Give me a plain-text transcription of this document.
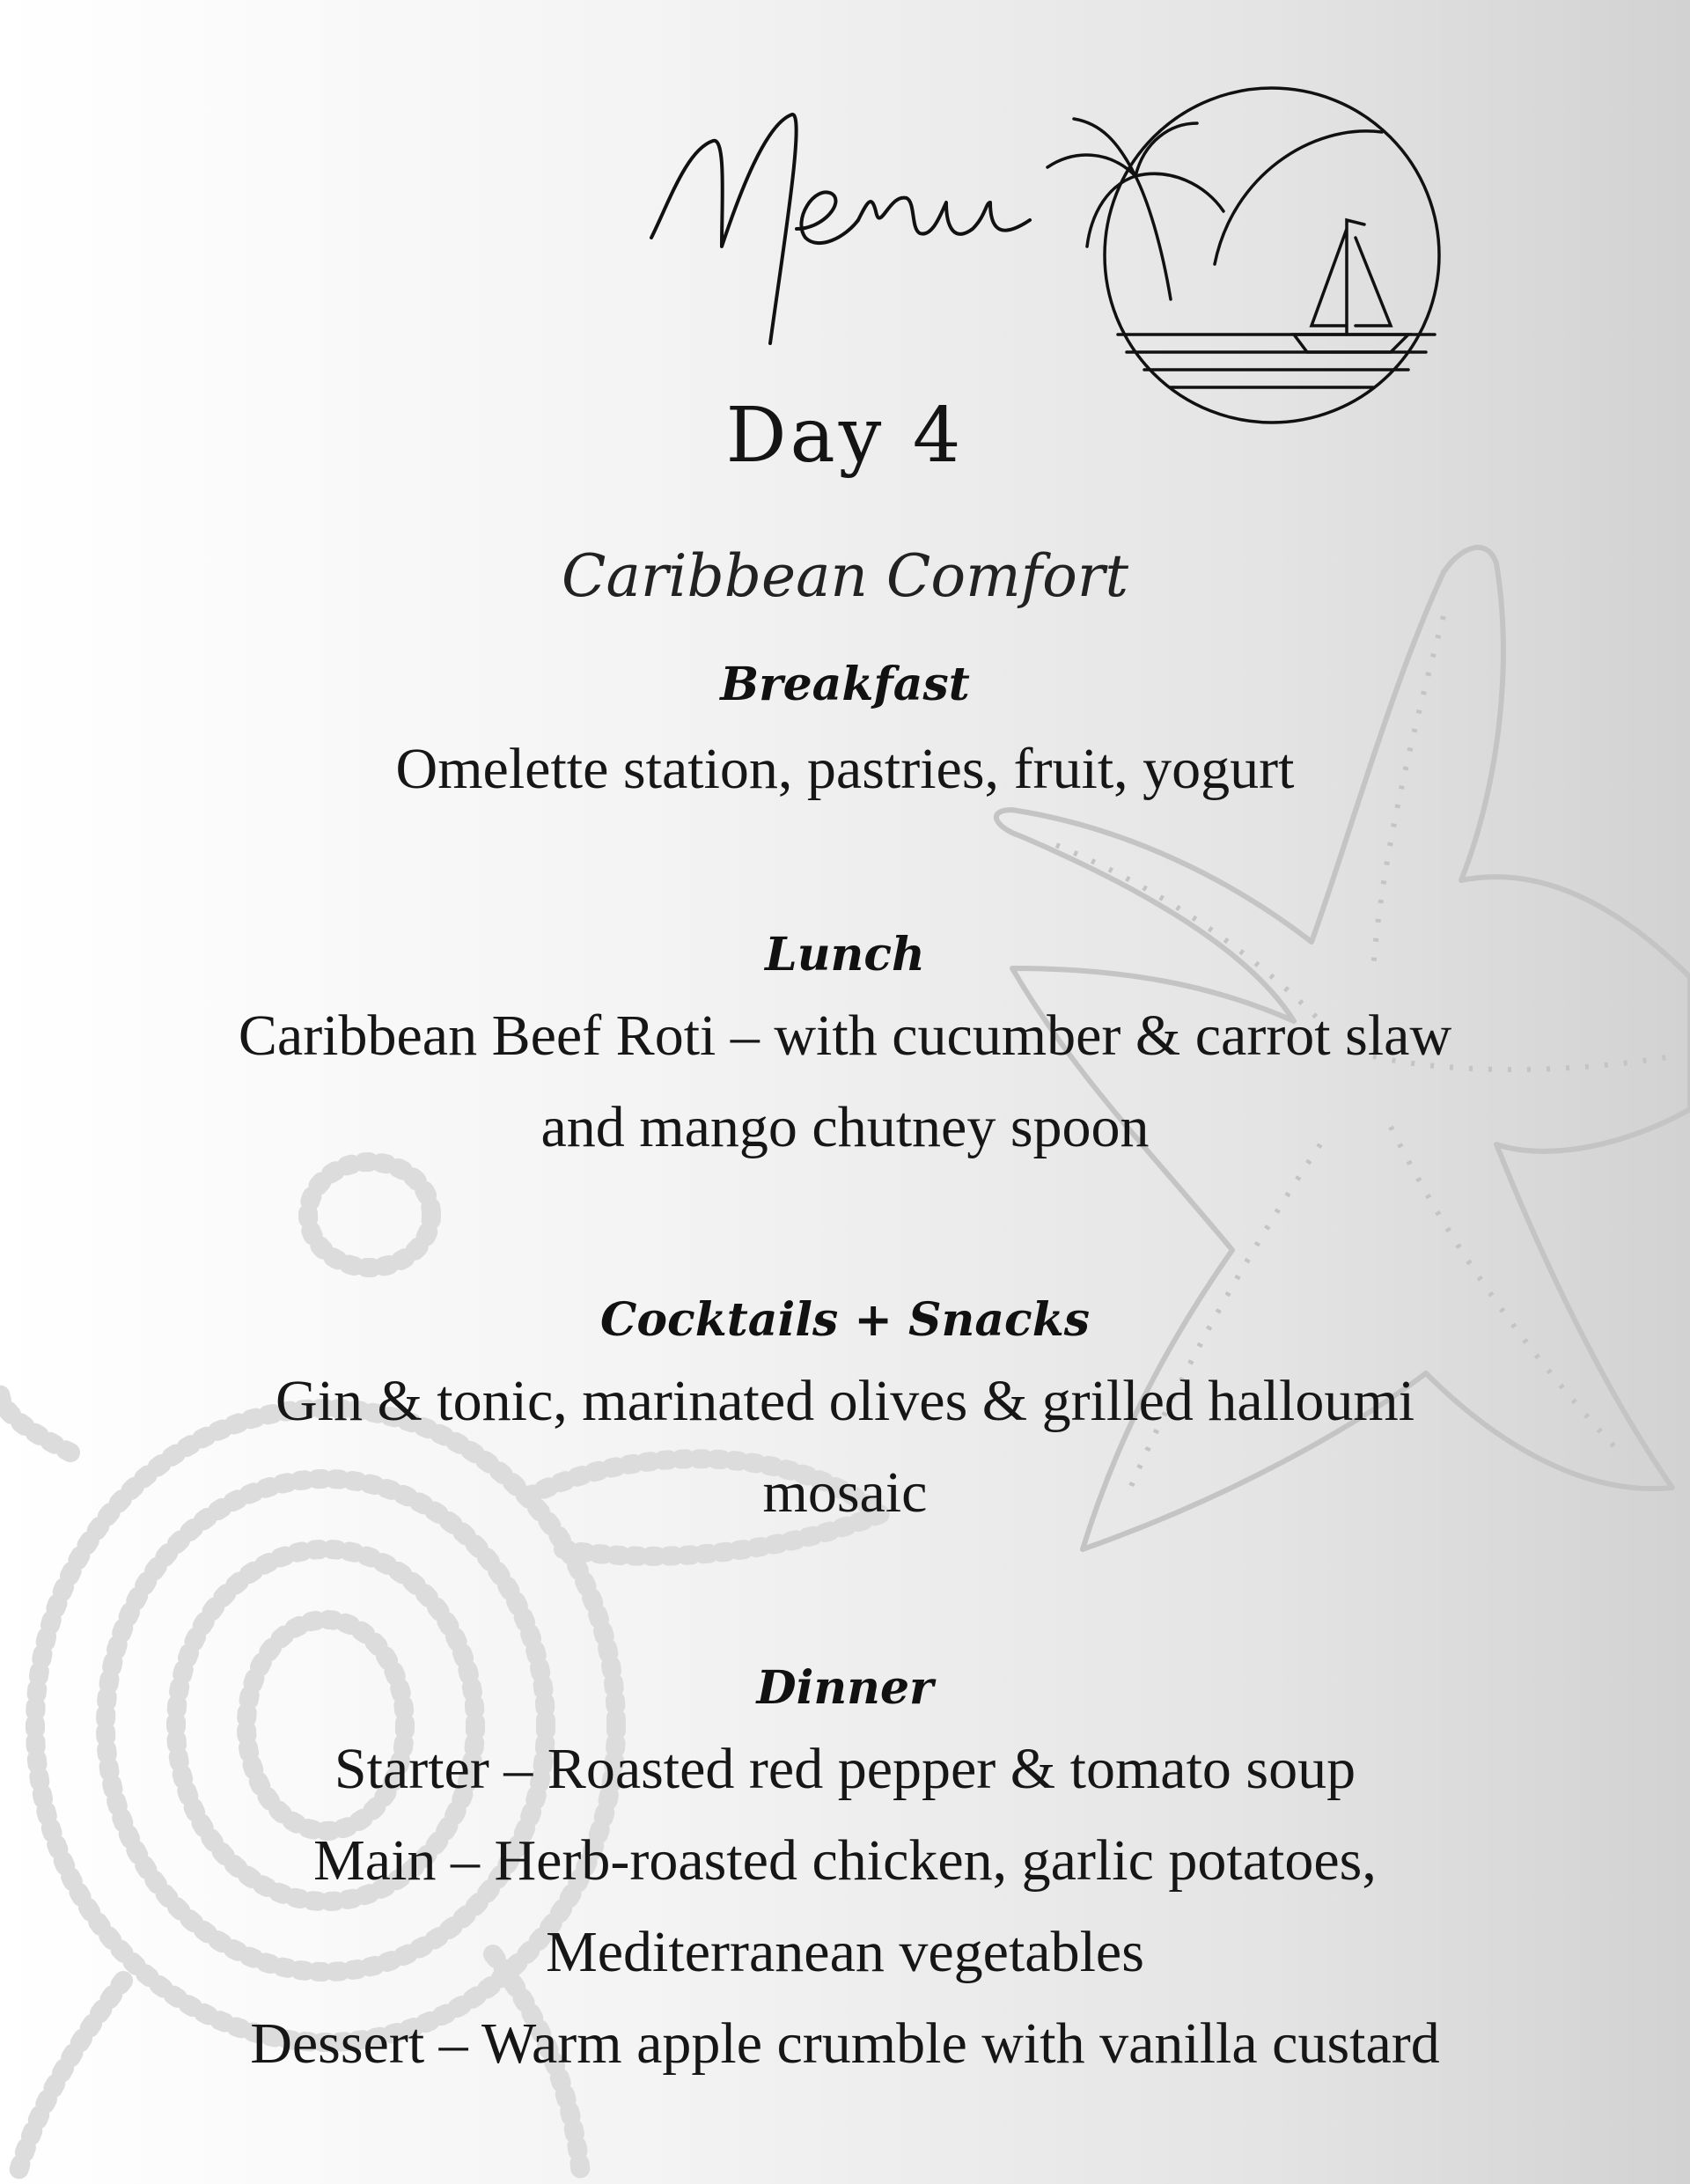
Day 4
Caribbean Comfort
Breakfast
Omelette station, pastries, fruit, yogurt
Lunch
Caribbean Beef Roti – with cucumber & carrot slaw
and mango chutney spoon
Cocktails + Snacks
Gin & tonic, marinated olives & grilled halloumi
mosaic
Dinner
Starter – Roasted red pepper & tomato soup
Main – Herb-roasted chicken, garlic potatoes,
Mediterranean vegetables
Dessert – Warm apple crumble with vanilla custard
